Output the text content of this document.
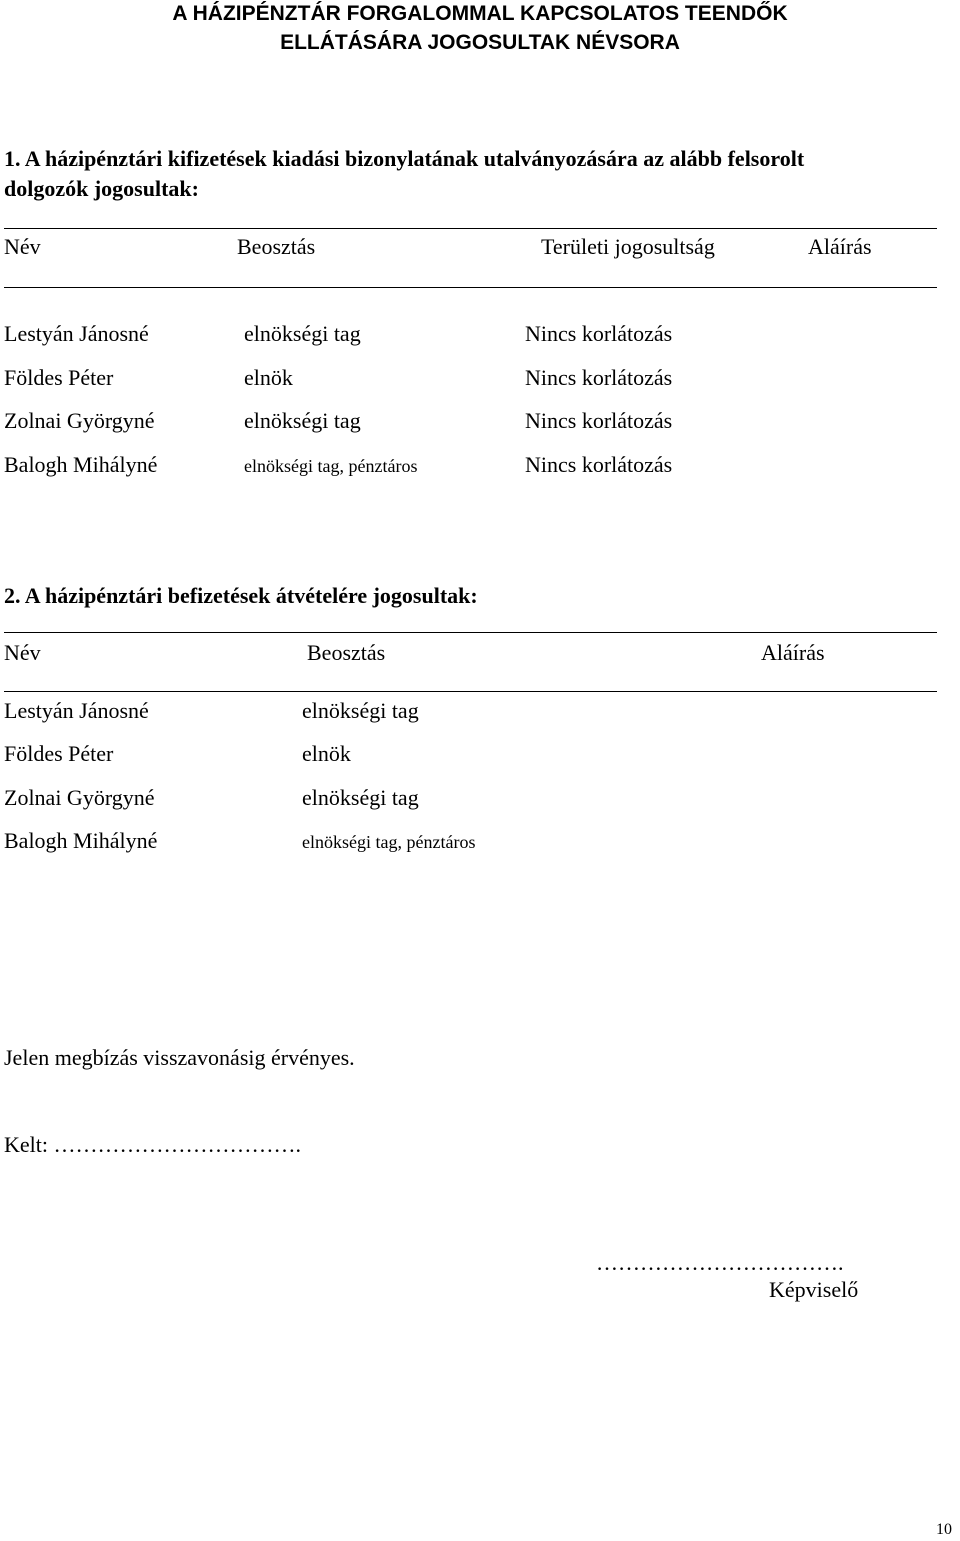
A HÁZIPÉNZTÁR FORGALOMMAL KAPCSOLATOS TEENDŐK
ELLÁTÁSÁRA JOGOSULTAK NÉVSORA
1. A házipénztári kifizetések kiadási bizonylatának utalványozására az alább felsorolt
dolgozók jogosultak:
Név	Beosztás	Területi jogosultság	Aláírás
Lestyán Jánosné	elnökségi tag	Nincs korlátozás
Földes Péter	elnök	Nincs korlátozás
Zolnai Györgyné	elnökségi tag	Nincs korlátozás
Balogh Mihályné	elnökségi tag, pénztáros	Nincs korlátozás
2. A házipénztári befizetések átvételére jogosultak:
Név	Beosztás	Aláírás
Lestyán Jánosné	elnökségi tag
Földes Péter	elnök
Zolnai Györgyné	elnökségi tag
Balogh Mihályné	elnökségi tag, pénztáros
Jelen megbízás visszavonásig érvényes.
Kelt: …………………………….
…………………………….
Képviselő
10
